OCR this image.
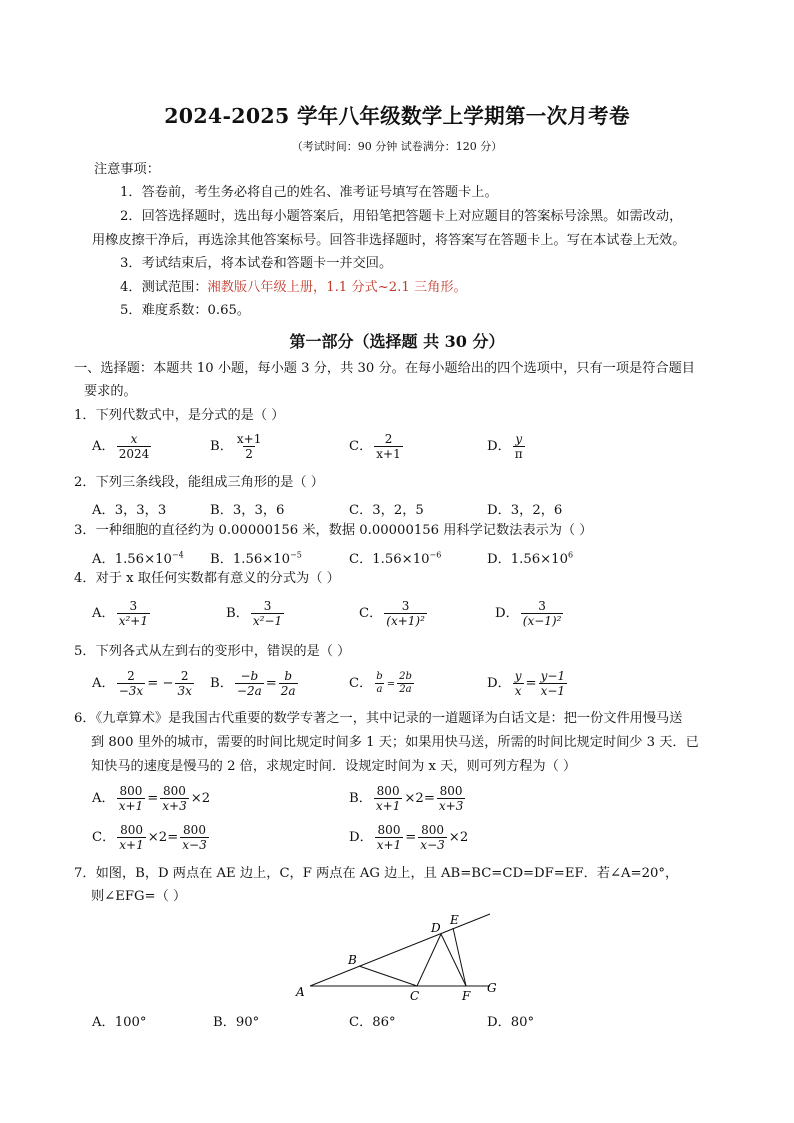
2024-2025 学年八年级数学上学期第一次月考卷
（考试时间：90 分钟 试卷满分：120 分）
注意事项：
1．答卷前，考生务必将自己的姓名、准考证号填写在答题卡上。
2．回答选择题时，选出每小题答案后，用铅笔把答题卡上对应题目的答案标号涂黑。如需改动，
用橡皮擦干净后，再选涂其他答案标号。回答非选择题时，将答案写在答题卡上。写在本试卷上无效。
3．考试结束后，将本试卷和答题卡一并交回。
4．测试范围：湘教版八年级上册，1.1 分式~2.1 三角形。
5．难度系数：0.65。
第一部分（选择题 共 30 分）
一、选择题：本题共 10 小题，每小题 3 分，共 30 分。在每小题给出的四个选项中，只有一项是符合题目
要求的。
1．下列代数式中，是分式的是（ ）
A． $\frac{x}{2024}$	B． $\frac{x+1}{2}$	C． $\frac{2}{x+1}$	D． $\frac{y}{\pi}$
2．下列三条线段，能组成三角形的是（ ）
A．3，3，3	B．3，3，6	C．3，2，5	D．3，2，6
3．一种细胞的直径约为 0.00000156 米，数据 0.00000156 用科学记数法表示为（ ）
A．$1.56\times 10^{-4}$ B．$1.56\times 10^{-5}$	C．$1.56\times 10^{-6}$	D．$1.56\times 10^6$
4．对于 x 取任何实数都有意义的分式为（ ）
A． $\frac{3}{\text{x²+1}}$	B． $\frac{3}{\text{x²−1}}$	C． $\frac{3}{\text{(x+1)²}}$	D． $\frac{3}{\text{(x−1)²}}$
5．下列各式从左到右的变形中，错误的是（ ）
A． $\frac{2}{-3x}$ = − $\frac{2}{3x}$ B． $\frac{-b}{-2a} = \frac{b}{2a}$	C． $\frac{b}{a} = \frac{2b}{2a}$	D． $\frac{y}{x} = \frac{y-1}{x-1}$
6．《九章算术》是我国古代重要的数学专著之一，其中记录的一道题译为白话文是：把一份文件用慢马送
到 800 里外的城市，需要的时间比规定时间多 1 天；如果用快马送，所需的时间比规定时间少 3 天．已
知快马的速度是慢马的 2 倍，求规定时间．设规定时间为 x 天，则可列方程为（ ）
A． $\frac{800}{x+1} = \frac{800}{x+3} \times 2$	B． $\frac{800}{x+1} \times 2= \frac{800}{x+3}$
C． $\frac{800}{x+1} \times 2= \frac{800}{x-3}$	D． $\frac{800}{x+1} = \frac{800}{x-3} \times 2$
7．如图，B，D 两点在 AE 边上，C，F 两点在 AG 边上，且 AB=BC=CD=DF=EF．若∠A=20°，
则∠EFG=（ ）
A
B
C
D
E
F
G
A．100°	B．90°	C．86°	D．80°
